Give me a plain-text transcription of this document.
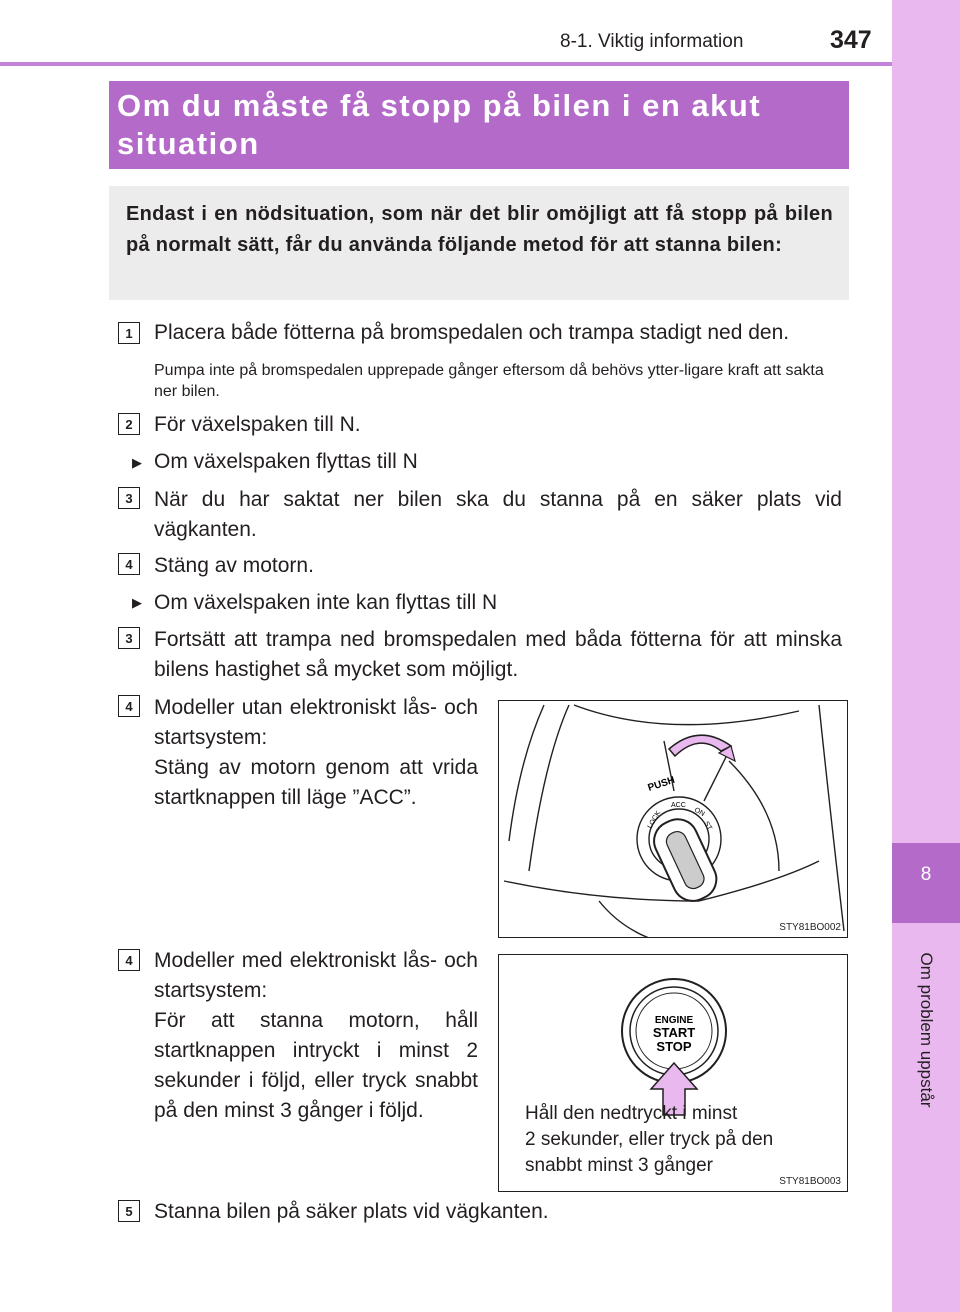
8
Om problem uppstår
8-1. Viktig information	347
Om du måste få stopp på bilen i en akut
situation

Endast i en nödsituation, som när det blir omöjligt att få stopp på bilen på normalt sätt, får du använda följande metod för att stanna bilen:

1	Placera både fötterna på bromspedalen och trampa stadigt ned den.
Pumpa inte på bromspedalen upprepade gånger eftersom då behövs ytter-ligare kraft att sakta ner bilen.
2	För växelspaken till N.
▶ Om växelspaken flyttas till N
3	När du har saktat ner bilen ska du stanna på en säker plats vid vägkanten.
4	Stäng av motorn.
▶ Om växelspaken inte kan flyttas till N
3	Fortsätt att trampa ned bromspedalen med båda fötterna för att minska bilens hastighet så mycket som möjligt.
4	Modeller utan elektroniskt lås- och startsystem:
Stäng av motorn genom att vrida startknappen till läge ”ACC”.
PUSH
LOCK
ACC
ON
ST
STY81BO002
4	Modeller med elektroniskt lås- och startsystem:
För att stanna motorn, håll startknappen intryckt i minst 2 sekunder i följd, eller tryck snabbt på den minst 3 gånger i följd.
ENGINE
START
STOP
Håll den nedtryckt i minst
2 sekunder, eller tryck på den
snabbt minst 3 gånger
STY81BO003
5	Stanna bilen på säker plats vid vägkanten.
